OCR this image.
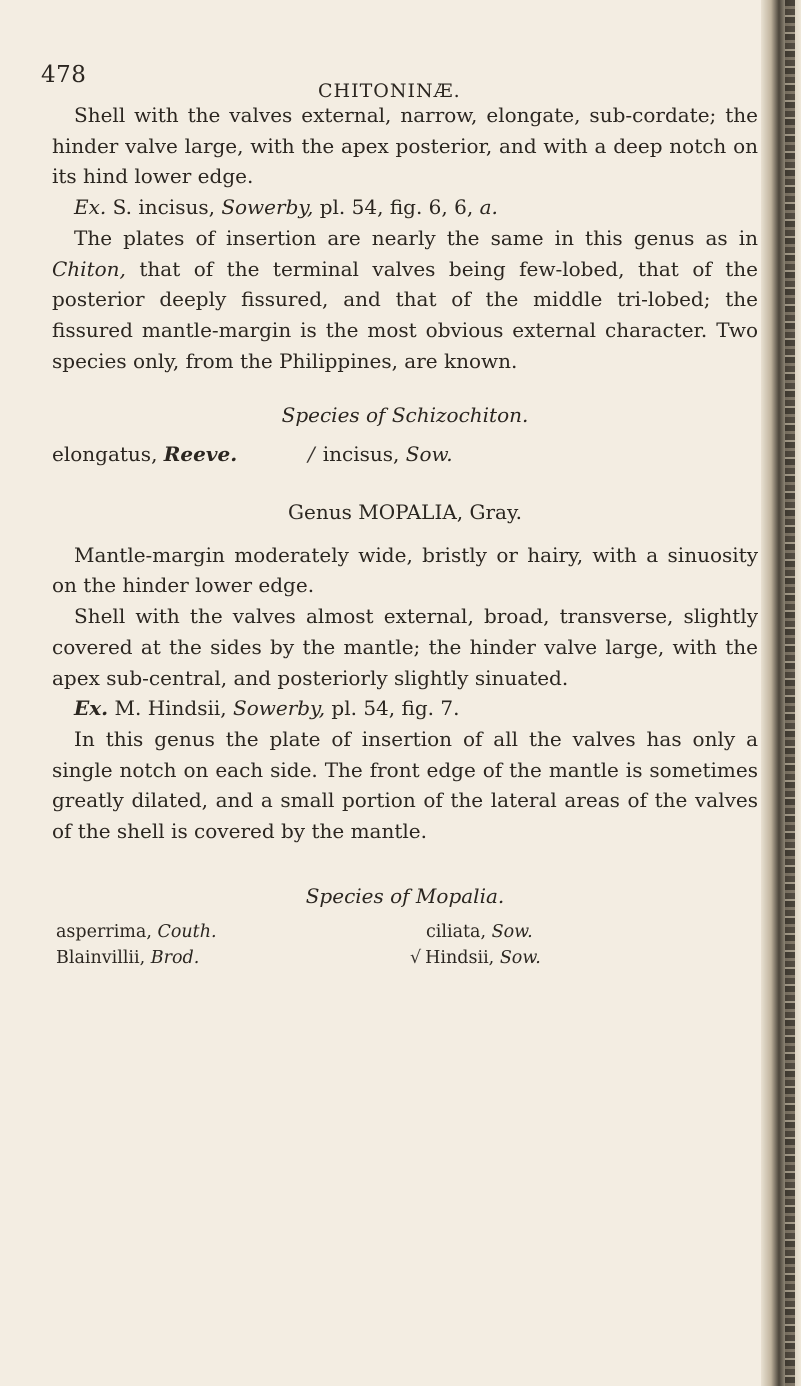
478
CHITONINÆ.

Shell with the valves external, narrow, elongate, sub-cordate; the hinder valve large, with the apex posterior, and with a deep notch on its hind lower edge.

Ex. S. incisus, Sowerby, pl. 54, fig. 6, 6, a.

The plates of insertion are nearly the same in this genus as in Chiton, that of the terminal valves being few-lobed, that of the posterior deeply fissured, and that of the middle tri-lobed; the fissured mantle-margin is the most obvious external character. Two species only, from the Philippines, are known.

Species of Schizochiton.

elongatus, Reeve.	/ incisus, Sow.

Genus MOPALIA, Gray.

Mantle-margin moderately wide, bristly or hairy, with a sinuosity on the hinder lower edge.

Shell with the valves almost external, broad, transverse, slightly covered at the sides by the mantle; the hinder valve large, with the apex sub-central, and posteriorly slightly sinuated.

Ex. M. Hindsii, Sowerby, pl. 54, fig. 7.

In this genus the plate of insertion of all the valves has only a single notch on each side. The front edge of the mantle is sometimes greatly dilated, and a small portion of the lateral areas of the valves of the shell is covered by the mantle.

Species of Mopalia.

asperrima, Couth.	ciliata, Sow.
Blainvillii, Brod.	√ Hindsii, Sow.
